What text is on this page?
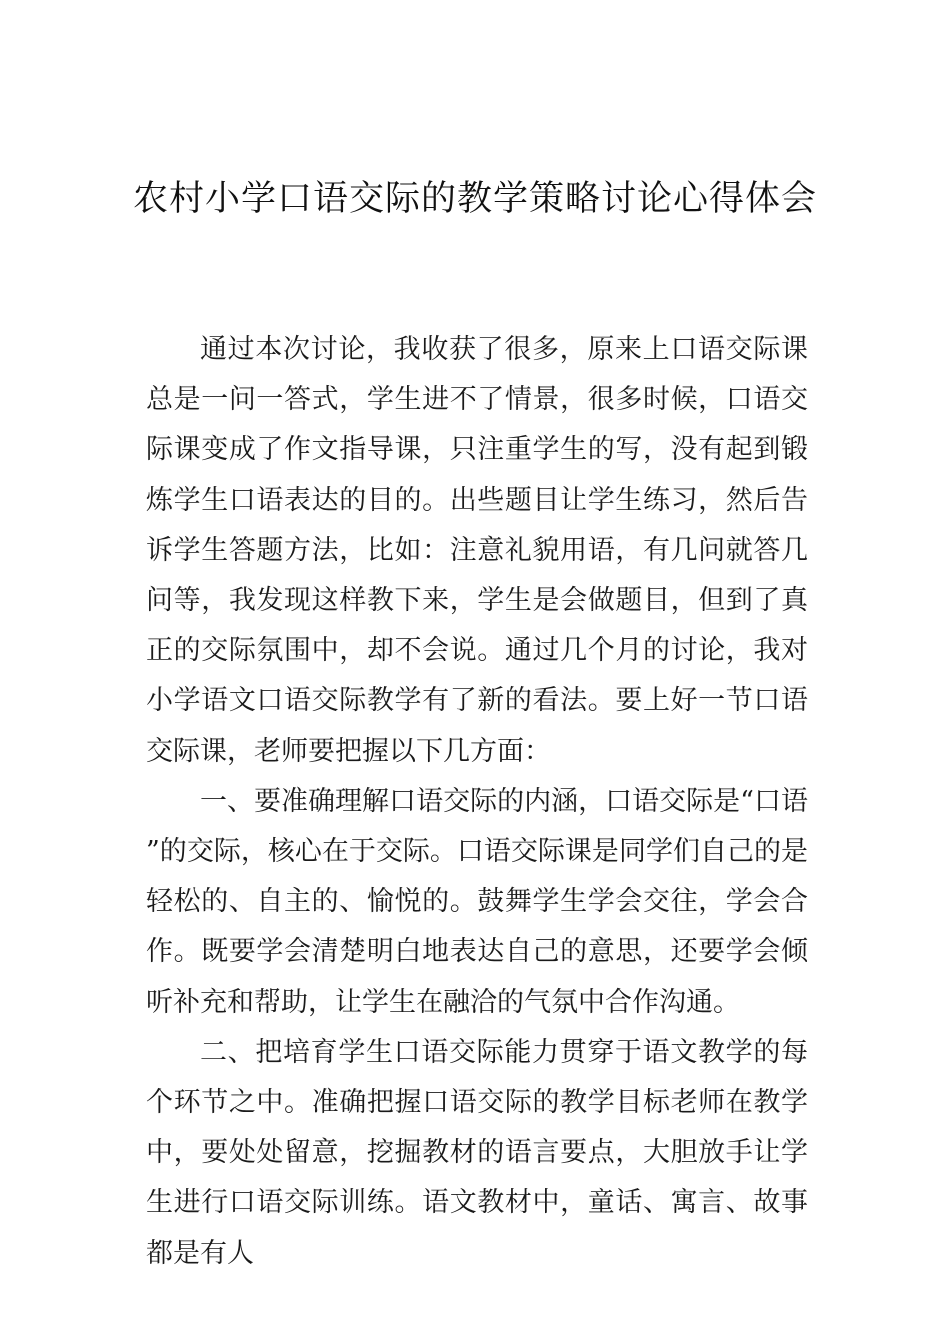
农村小学口语交际的教学策略讨论心得体会

通过本次讨论，我收获了很多，原来上口语交际课总是一问一答式，学生进不了情景，很多时候，口语交际课变成了作文指导课，只注重学生的写，没有起到锻炼学生口语表达的目的。出些题目让学生练习，然后告诉学生答题方法，比如：注意礼貌用语，有几问就答几问等，我发现这样教下来，学生是会做题目，但到了真正的交际氛围中，却不会说。通过几个月的讨论，我对小学语文口语交际教学有了新的看法。要上好一节口语交际课，老师要把握以下几方面：

一、要准确理解口语交际的内涵，口语交际是“口语”的交际，核心在于交际。口语交际课是同学们自己的是轻松的、自主的、愉悦的。鼓舞学生学会交往，学会合作。既要学会清楚明白地表达自己的意思，还要学会倾听补充和帮助，让学生在融洽的气氛中合作沟通。

二、把培育学生口语交际能力贯穿于语文教学的每个环节之中。准确把握口语交际的教学目标老师在教学中，要处处留意，挖掘教材的语言要点，大胆放手让学生进行口语交际训练。语文教材中，童话、寓言、故事都是有人
